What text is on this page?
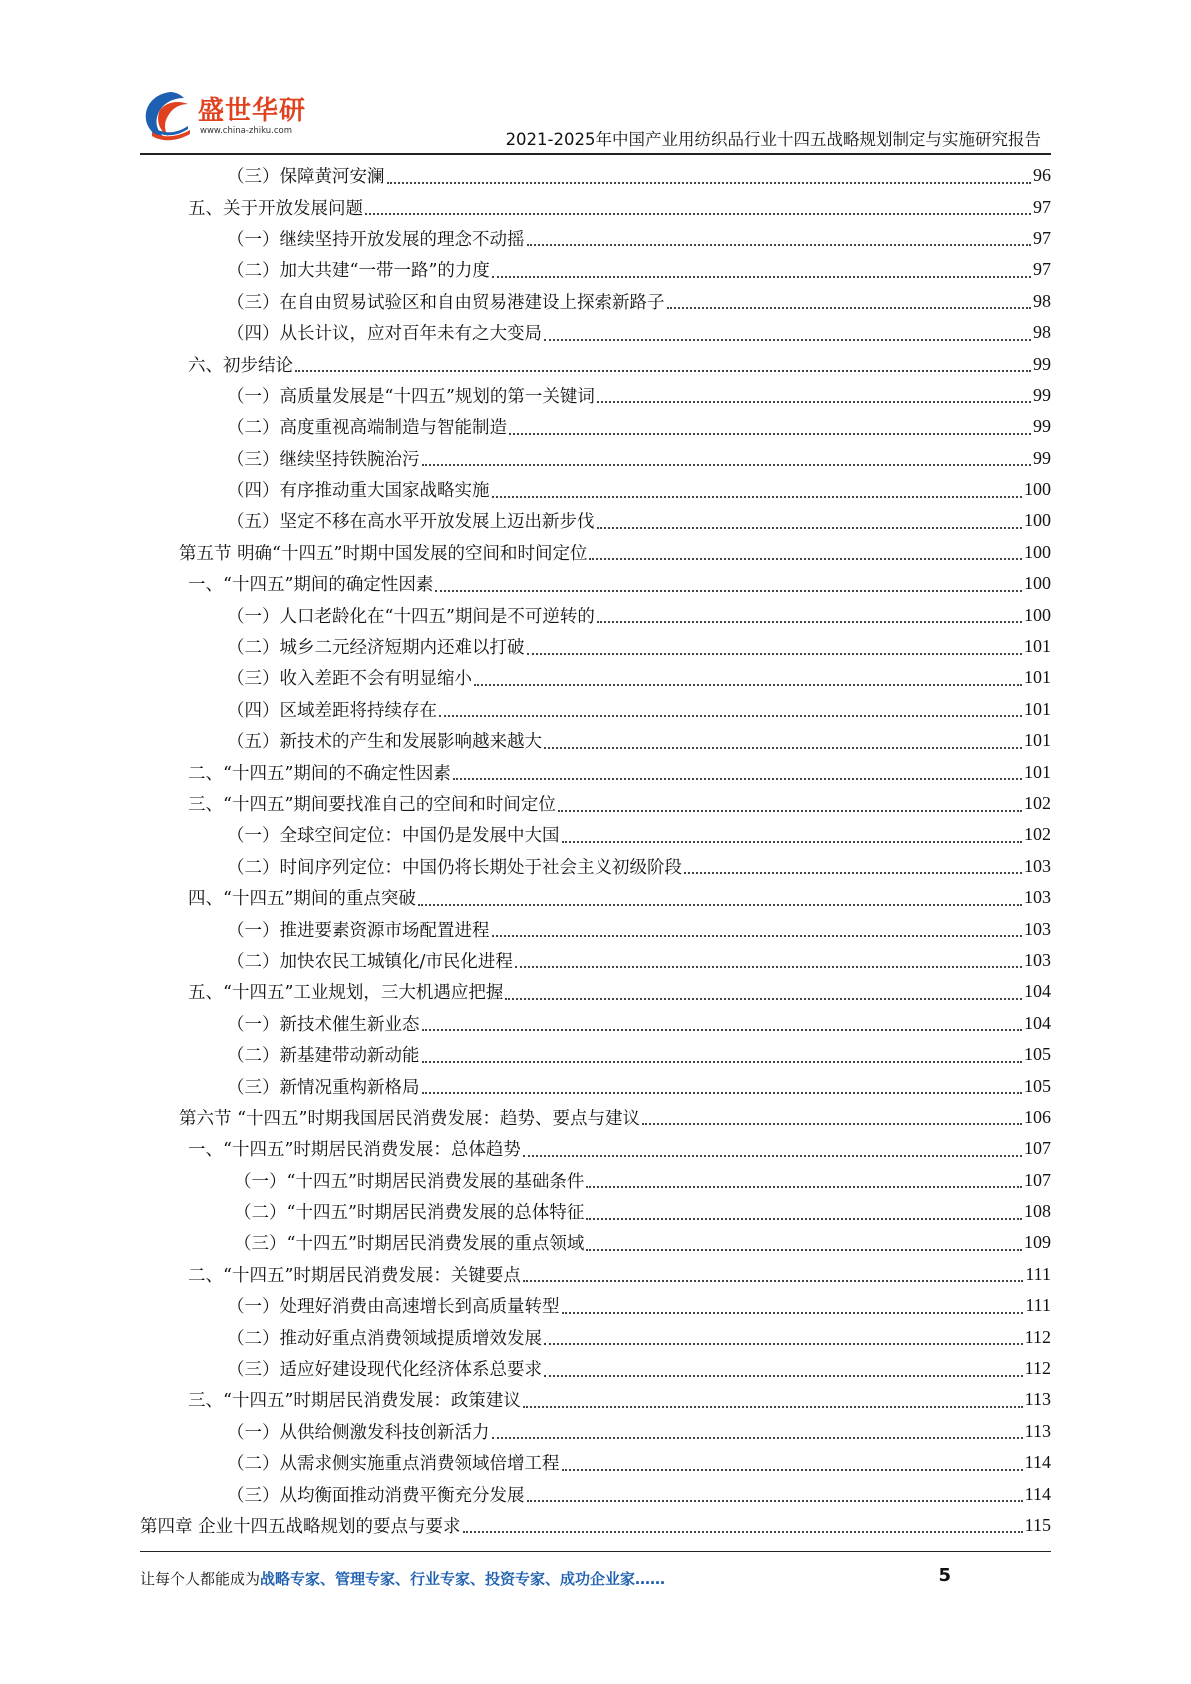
盛世华研
www.china-zhiku.com	2021-2025年中国产业用纺织品行业十四五战略规划制定与实施研究报告
（三）保障黄河安澜	96
五、关于开放发展问题	97
（一）继续坚持开放发展的理念不动摇	97
（二）加大共建“一带一路”的力度	97
（三）在自由贸易试验区和自由贸易港建设上探索新路子	98
（四）从长计议，应对百年未有之大变局	98
六、初步结论	99
（一）高质量发展是“十四五”规划的第一关键词	99
（二）高度重视高端制造与智能制造	99
（三）继续坚持铁腕治污	99
（四）有序推动重大国家战略实施	100
（五）坚定不移在高水平开放发展上迈出新步伐	100
第五节 明确“十四五”时期中国发展的空间和时间定位	100
一、“十四五”期间的确定性因素	100
（一）人口老龄化在“十四五”期间是不可逆转的	100
（二）城乡二元经济短期内还难以打破	101
（三）收入差距不会有明显缩小	101
（四）区域差距将持续存在	101
（五）新技术的产生和发展影响越来越大	101
二、“十四五”期间的不确定性因素	101
三、“十四五”期间要找准自己的空间和时间定位	102
（一）全球空间定位：中国仍是发展中大国	102
（二）时间序列定位：中国仍将长期处于社会主义初级阶段	103
四、“十四五”期间的重点突破	103
（一）推进要素资源市场配置进程	103
（二）加快农民工城镇化/市民化进程	103
五、“十四五”工业规划，三大机遇应把握	104
（一）新技术催生新业态	104
（二）新基建带动新动能	105
（三）新情况重构新格局	105
第六节 “十四五”时期我国居民消费发展：趋势、要点与建议	106
一、“十四五”时期居民消费发展：总体趋势	107
（一）“十四五”时期居民消费发展的基础条件	107
（二）“十四五”时期居民消费发展的总体特征	108
（三）“十四五”时期居民消费发展的重点领域	109
二、“十四五”时期居民消费发展：关键要点	111
（一）处理好消费由高速增长到高质量转型	111
（二）推动好重点消费领域提质增效发展	112
（三）适应好建设现代化经济体系总要求	112
三、“十四五”时期居民消费发展：政策建议	113
（一）从供给侧激发科技创新活力	113
（二）从需求侧实施重点消费领域倍增工程	114
（三）从均衡面推动消费平衡充分发展	114
第四章 企业十四五战略规划的要点与要求	115
让每个人都能成为战略专家、管理专家、行业专家、投资专家、成功企业家……	5
